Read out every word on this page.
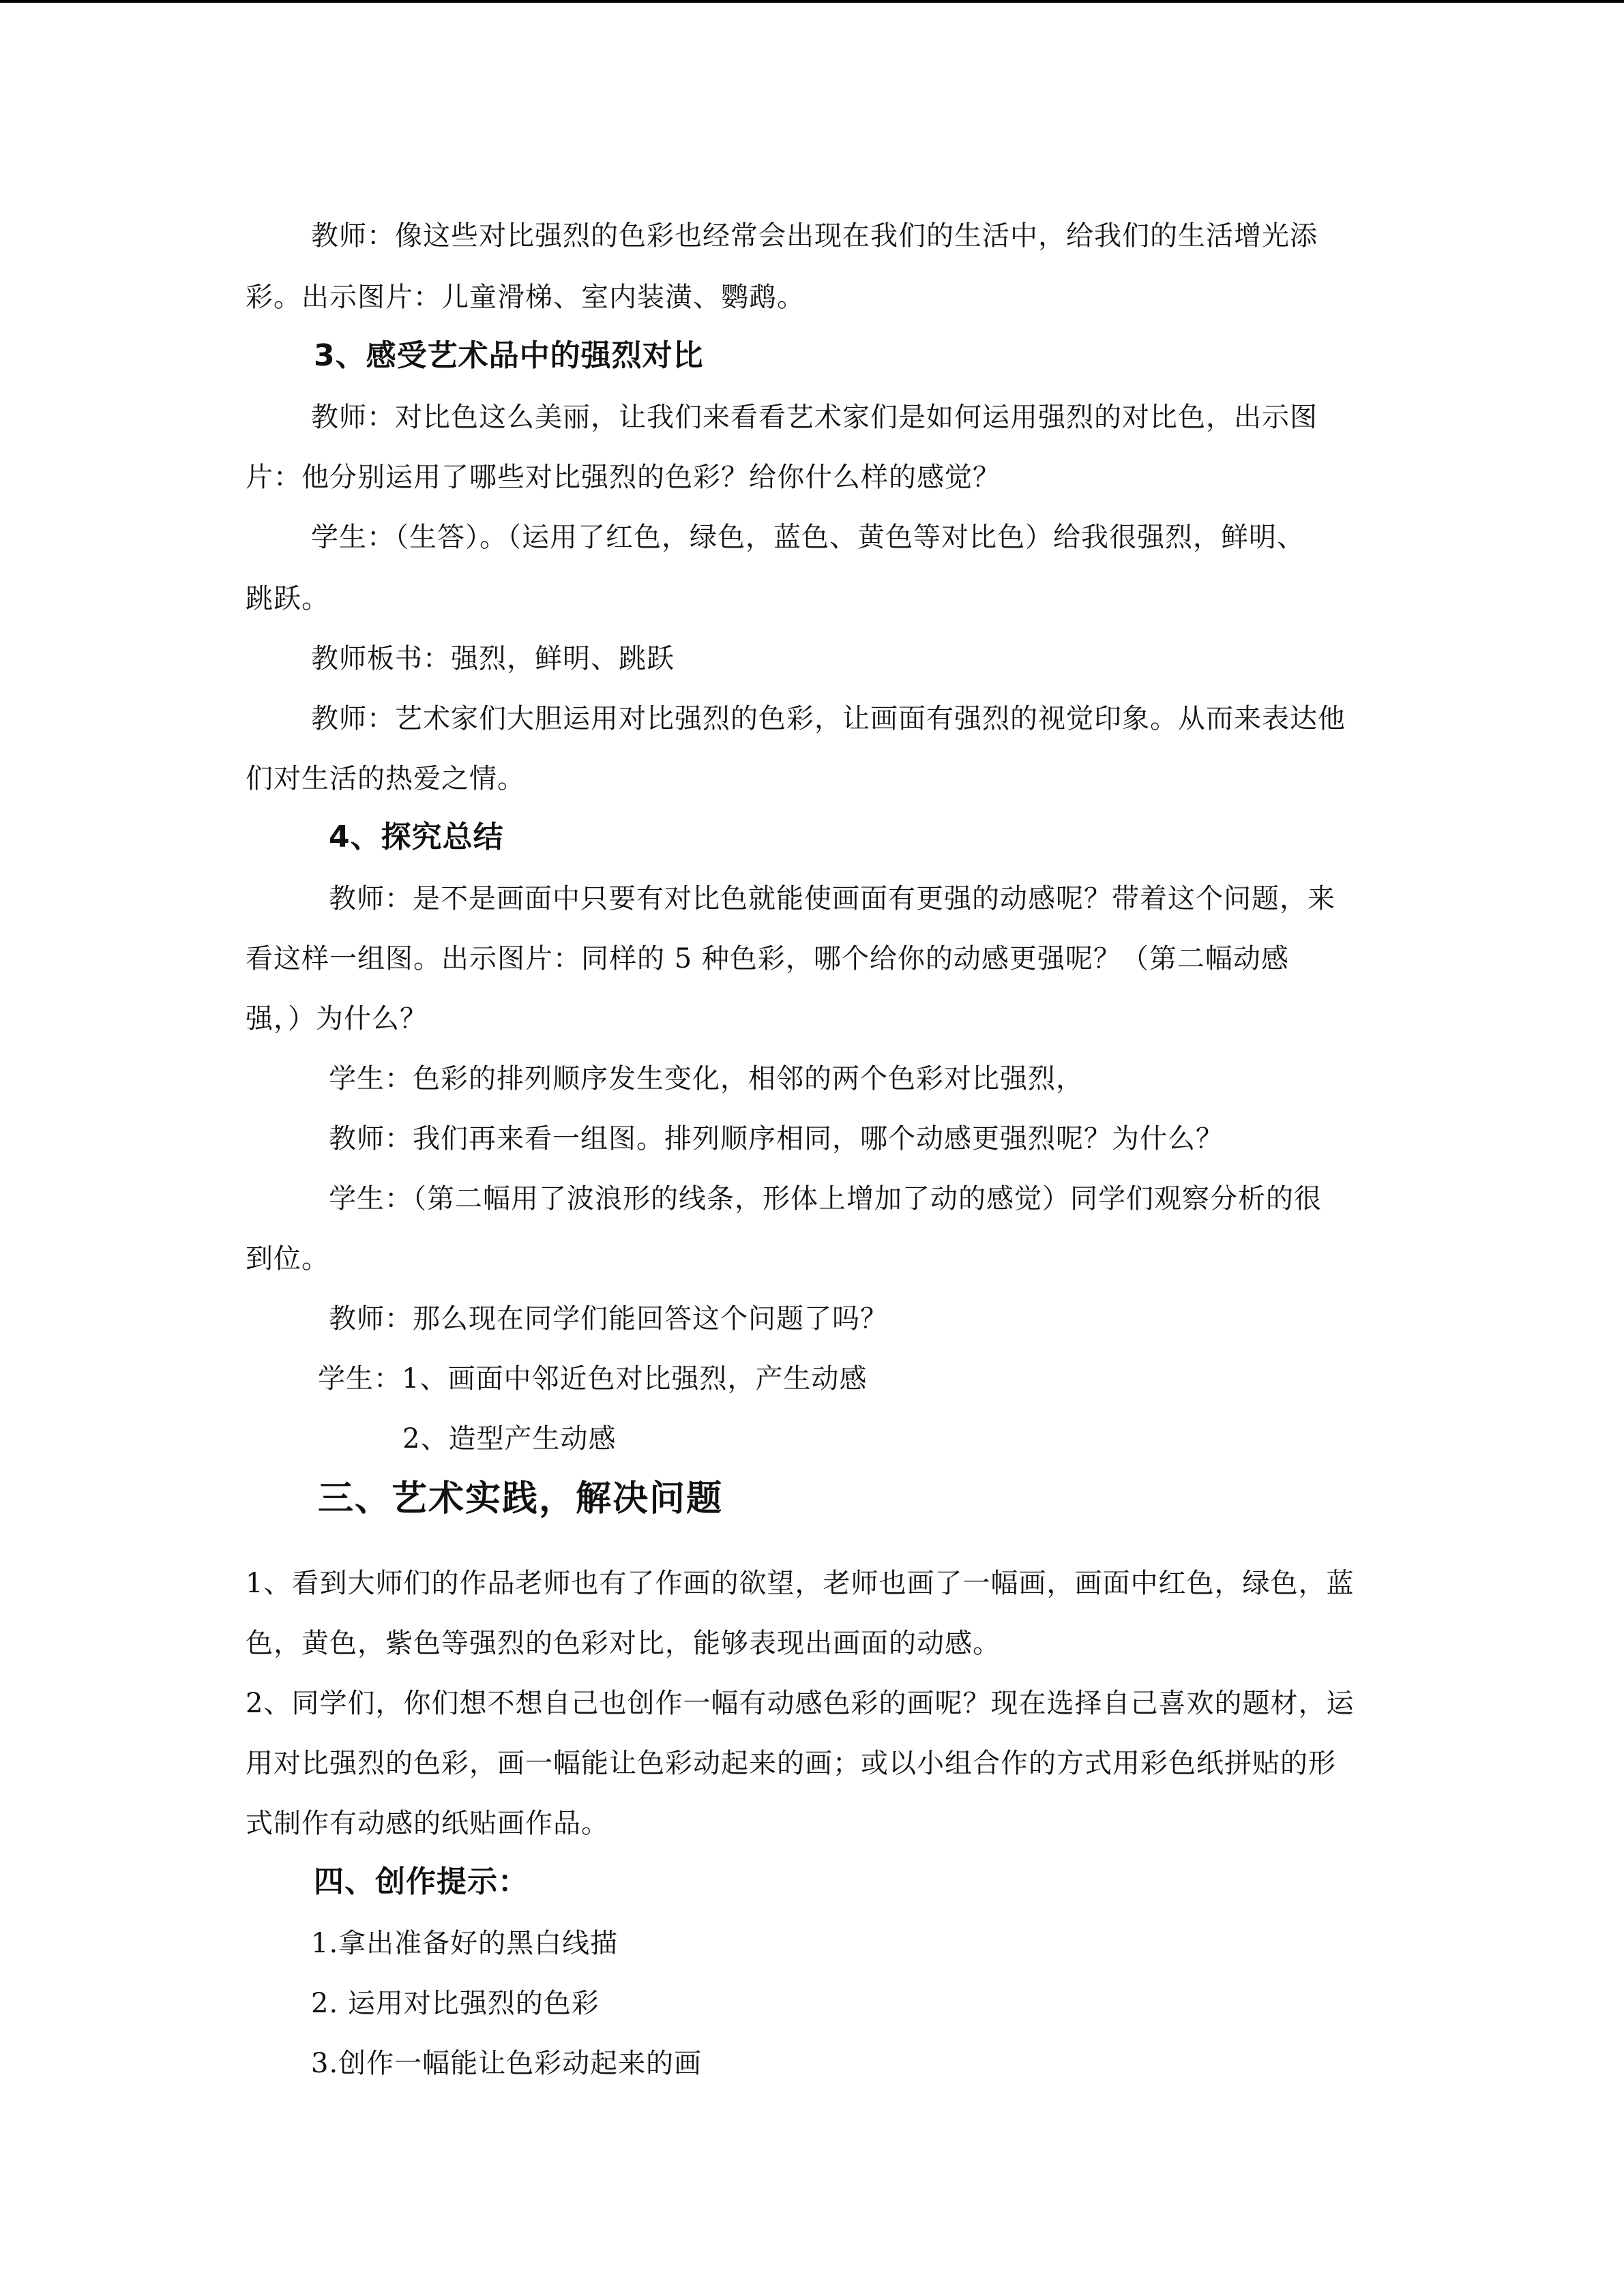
教师：像这些对比强烈的色彩也经常会出现在我们的生活中，给我们的生活增光添
彩。出示图片：儿童滑梯、室内装潢、鹦鹉。
3、感受艺术品中的强烈对比
教师：对比色这么美丽，让我们来看看艺术家们是如何运用强烈的对比色，出示图
片：他分别运用了哪些对比强烈的色彩？给你什么样的感觉？
学生：（生答）。（运用了红色，绿色，蓝色、黄色等对比色）给我很强烈，鲜明、
跳跃。
教师板书：强烈，鲜明、跳跃
教师：艺术家们大胆运用对比强烈的色彩，让画面有强烈的视觉印象。从而来表达他
们对生活的热爱之情。
4、探究总结
教师：是不是画面中只要有对比色就能使画面有更强的动感呢？带着这个问题，来
看这样一组图。出示图片：同样的 5 种色彩，哪个给你的动感更强呢？（第二幅动感
强，）为什么？
学生：色彩的排列顺序发生变化，相邻的两个色彩对比强烈，
教师：我们再来看一组图。排列顺序相同，哪个动感更强烈呢？为什么？
学生：（第二幅用了波浪形的线条，形体上增加了动的感觉）同学们观察分析的很
到位。
教师：那么现在同学们能回答这个问题了吗？
学生：1、画面中邻近色对比强烈，产生动感
2、造型产生动感
三、艺术实践，解决问题
1、看到大师们的作品老师也有了作画的欲望，老师也画了一幅画，画面中红色，绿色，蓝
色，黄色，紫色等强烈的色彩对比，能够表现出画面的动感。
2、同学们，你们想不想自己也创作一幅有动感色彩的画呢？现在选择自己喜欢的题材，运
用对比强烈的色彩，画一幅能让色彩动起来的画；或以小组合作的方式用彩色纸拼贴的形
式制作有动感的纸贴画作品。
四、创作提示：
1.拿出准备好的黑白线描
2. 运用对比强烈的色彩
3.创作一幅能让色彩动起来的画
